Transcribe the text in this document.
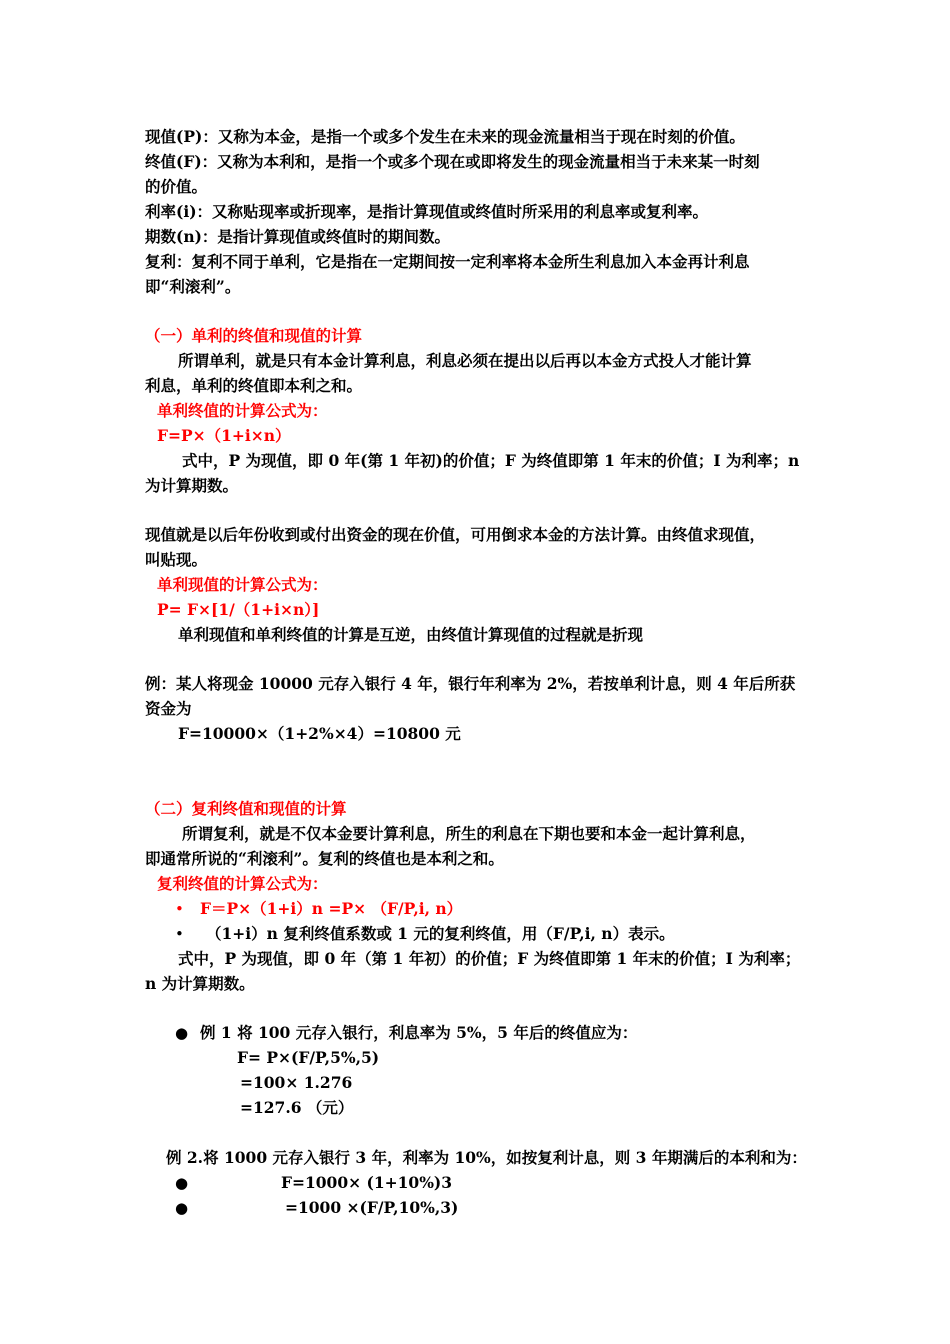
现值(P)：又称为本金，是指一个或多个发生在未来的现金流量相当于现在时刻的价值。
终值(F)：又称为本利和，是指一个或多个现在或即将发生的现金流量相当于未来某一时刻
的价值。
利率(i)：又称贴现率或折现率，是指计算现值或终值时所采用的利息率或复利率。
期数(n)：是指计算现值或终值时的期间数。
复利：复利不同于单利，它是指在一定期间按一定利率将本金所生利息加入本金再计利息
即“利滚利”。
（一）单利的终值和现值的计算
所谓单利，就是只有本金计算利息，利息必须在提出以后再以本金方式投人才能计算
利息，单利的终值即本利之和。
单利终值的计算公式为：
F=P×（1+i×n）
式中，P 为现值，即 0 年(第 1 年初)的价值；F 为终值即第 1 年末的价值；I 为利率；n
为计算期数。
现值就是以后年份收到或付出资金的现在价值，可用倒求本金的方法计算。由终值求现值，
叫贴现。
单利现值的计算公式为：
P= F×[1/（1+i×n）]
单利现值和单利终值的计算是互逆，由终值计算现值的过程就是折现
例：某人将现金 10000 元存入银行 4 年，银行年利率为 2%，若按单利计息，则 4 年后所获
资金为
F=10000×（1+2%×4）=10800 元
（二）复利终值和现值的计算
所谓复利，就是不仅本金要计算利息，所生的利息在下期也要和本金一起计算利息，
即通常所说的“利滚利”。复利的终值也是本利之和。
复利终值的计算公式为：
• F＝P×（1+i）n =P× （F/P,i, n）
• （1+i）n 复利终值系数或 1 元的复利终值，用（F/P,i, n）表示。
式中，P 为现值，即 0 年（第 1 年初）的价值；F 为终值即第 1 年末的价值；I 为利率；
n 为计算期数。
● 例 1 将 100 元存入银行，利息率为 5%，5 年后的终值应为：
F= P×(F/P,5%,5)
=100× 1.276
=127.6 （元）
例 2.将 1000 元存入银行 3 年，利率为 10%，如按复利计息，则 3 年期满后的本利和为：
●	F=1000× (1+10%)3
●	=1000 ×(F/P,10%,3)
